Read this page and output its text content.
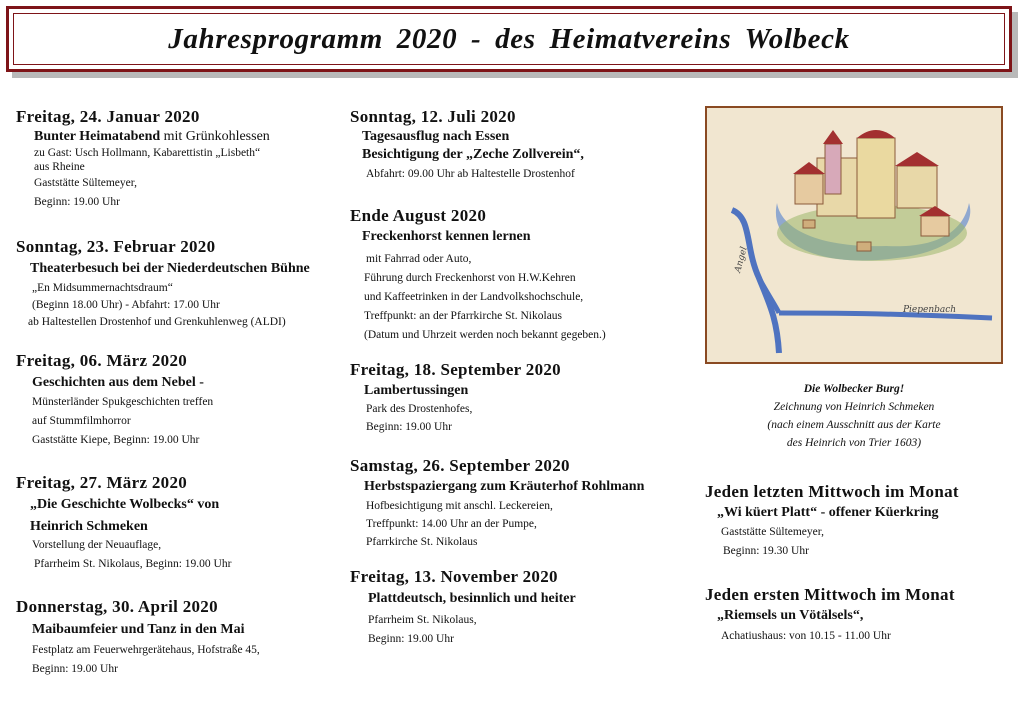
Jahresprogramm 2020 - des Heimatvereins Wolbeck
Freitag, 24. Januar 2020
Bunter Heimatabend mit Grünkohlessen
zu Gast: Usch Hollmann, Kabarettistin „Lisbeth“
aus Rheine
Gaststätte Sültemeyer,
Beginn: 19.00 Uhr
Sonntag, 23. Februar 2020
Theaterbesuch bei der Niederdeutschen Bühne
„En Midsummernachtsdraum“
(Beginn 18.00 Uhr) - Abfahrt: 17.00 Uhr
ab Haltestellen Drostenhof und Grenkuhlenweg (ALDI)
Freitag, 06. März 2020
Geschichten aus dem Nebel -
Münsterländer Spukgeschichten treffen
auf Stummfilmhorror
Gaststätte Kiepe, Beginn: 19.00 Uhr
Freitag, 27. März 2020
„Die Geschichte Wolbecks“ von
Heinrich Schmeken
Vorstellung der Neuauflage,
Pfarrheim St. Nikolaus, Beginn: 19.00 Uhr
Donnerstag, 30. April 2020
Maibaumfeier und Tanz in den Mai
Festplatz am Feuerwehrgerätehaus, Hofstraße 45,
Beginn: 19.00 Uhr
Sonntag, 12. Juli 2020
Tagesausflug nach Essen
Besichtigung der „Zeche Zollverein“,
Abfahrt: 09.00 Uhr ab Haltestelle Drostenhof
Ende August 2020
Freckenhorst kennen lernen
mit Fahrrad oder Auto,
Führung durch Freckenhorst von H.W.Kehren
und Kaffeetrinken in der Landvolkshochschule,
Treffpunkt: an der Pfarrkirche St. Nikolaus
(Datum und Uhrzeit werden noch bekannt gegeben.)
Freitag, 18. September 2020
Lambertussingen
Park des Drostenhofes,
Beginn: 19.00 Uhr
Samstag, 26. September 2020
Herbstspaziergang zum Kräuterhof Rohlmann
Hofbesichtigung mit anschl. Leckereien,
Treffpunkt: 14.00 Uhr an der Pumpe,
Pfarrkirche St. Nikolaus
Freitag, 13. November 2020
Plattdeutsch, besinnlich und heiter
Pfarrheim St. Nikolaus,
Beginn: 19.00 Uhr
Angel
Piepenbach
Die Wolbecker Burg!
Zeichnung von Heinrich Schmeken
(nach einem Ausschnitt aus der Karte
des Heinrich von Trier 1603)
Jeden letzten Mittwoch im Monat
„Wi küert Platt“ - offener Küerkring
Gaststätte Sültemeyer,
Beginn: 19.30 Uhr
Jeden ersten Mittwoch im Monat
„Riemsels un Vötälsels“,
Achatiushaus: von 10.15 - 11.00 Uhr
